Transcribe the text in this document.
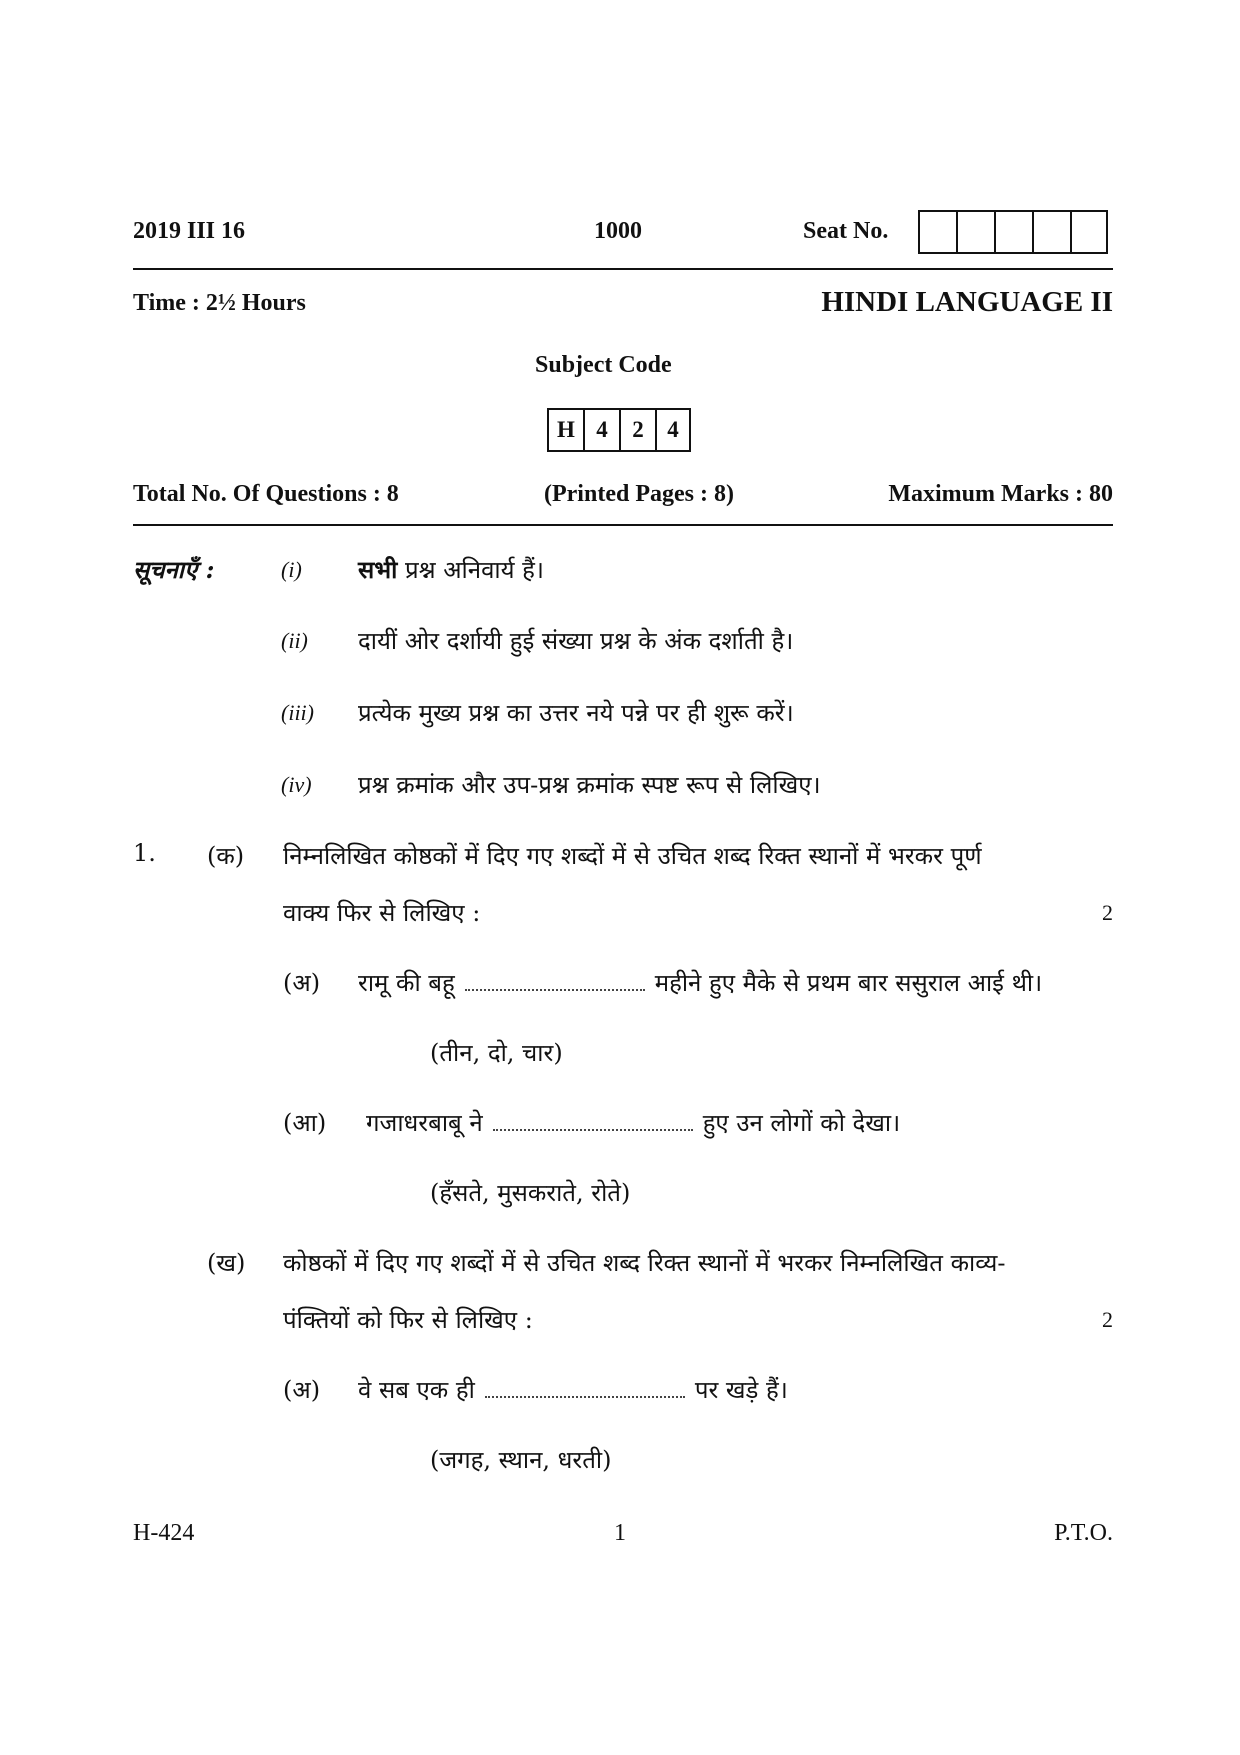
2019 III 16	1000	Seat No.
Time : 2½ Hours	HINDI LANGUAGE II
Subject Code
H 4	2	4
Total No. Of Questions : 8	(Printed Pages : 8)	Maximum Marks : 80
सूचनाएँ :	(i) सभी प्रश्न अनिवार्य हैं।
(ii) दायीं ओर दर्शायी हुई संख्या प्रश्न के अंक दर्शाती है।
(iii) प्रत्येक मुख्य प्रश्न का उत्तर नये पन्ने पर ही शुरू करें।
(iv) प्रश्न क्रमांक और उप-प्रश्न क्रमांक स्पष्ट रूप से लिखिए।
1. (क) निम्नलिखित कोष्ठकों में दिए गए शब्दों में से उचित शब्द रिक्त स्थानों में भरकर पूर्ण
वाक्य फिर से लिखिए :	2
(अ) रामू की बहू	महीने हुए मैके से प्रथम बार ससुराल आई थी।
(तीन, दो, चार)
(आ) गजाधरबाबू ने	हुए उन लोगों को देखा।
(हँसते, मुसकराते, रोते)
(ख) कोष्ठकों में दिए गए शब्दों में से उचित शब्द रिक्त स्थानों में भरकर निम्नलिखित काव्य-
पंक्तियों को फिर से लिखिए :	2
(अ) वे सब एक ही	पर खड़े हैं।
(जगह, स्थान, धरती)
H-424	1	P.T.O.
